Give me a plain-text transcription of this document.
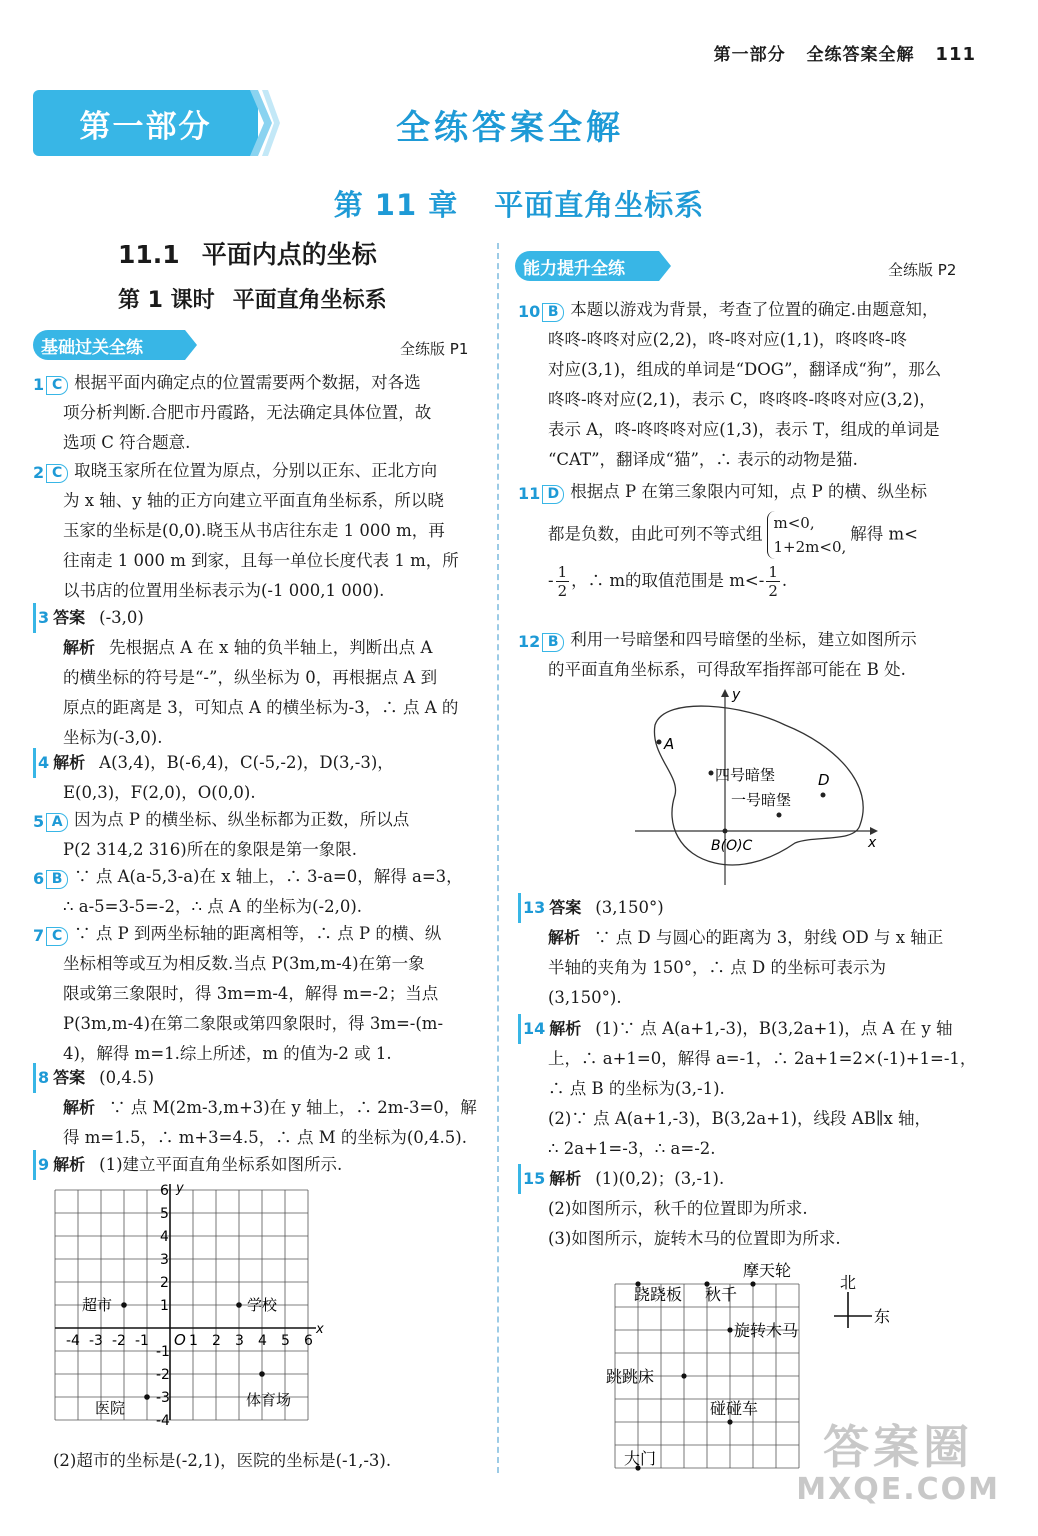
第一部分 全练答案全解 111
第一部分	全练答案全解
第 11 章 平面直角坐标系
11.1 平面内点的坐标
第 1 课时 平面直角坐标系
基础过关全练	全练版 P1
1 C 根据平面内确定点的位置需要两个数据，对各选
项分析判断.合肥市丹霞路，无法确定具体位置，故
选项 C 符合题意.
2 C 取晓玉家所在位置为原点，分别以正东、正北方向
为 x 轴、y 轴的正方向建立平面直角坐标系，所以晓
玉家的坐标是(0,0).晓玉从书店往东走 1 000 m，再
往南走 1 000 m 到家，且每一单位长度代表 1 m，所
以书店的位置用坐标表示为(-1 000,1 000).
3 答案 (-3,0)
解析 先根据点 A 在 x 轴的负半轴上，判断出点 A
的横坐标的符号是“-”，纵坐标为 0，再根据点 A 到
原点的距离是 3，可知点 A 的横坐标为-3，∴ 点 A 的
坐标为(-3,0).
4 解析 A(3,4)，B(-6,4)，C(-5,-2)，D(3,-3)，
E(0,3)，F(2,0)，O(0,0).
5 A 因为点 P 的横坐标、纵坐标都为正数，所以点
P(2 314,2 316)所在的象限是第一象限.
6 B ∵ 点 A(a-5,3-a)在 x 轴上，∴ 3-a=0，解得 a=3，
∴ a-5=3-5=-2，∴ 点 A 的坐标为(-2,0).
7 C ∵ 点 P 到两坐标轴的距离相等，∴ 点 P 的横、纵
坐标相等或互为相反数.当点 P(3m,m-4)在第一象
限或第三象限时，得 3m=m-4，解得 m=-2；当点
P(3m,m-4)在第二象限或第四象限时，得 3m=-(m-
4)，解得 m=1.综上所述，m 的值为-2 或 1.
8 答案 (0,4.5)
解析 ∵ 点 M(2m-3,m+3)在 y 轴上，∴ 2m-3=0，解
得 m=1.5，∴ m+3=4.5，∴ 点 M 的坐标为(0,4.5).
9 解析 (1)建立平面直角坐标系如图所示.
x
y
O
-4 -3 -2 -1	1 2 3 4 5 6
6
5
4
3
2
1
-1
-2
-3
-4
超市	学校
体育场
医院
(2)超市的坐标是(-2,1)，医院的坐标是(-1,-3).
能力提升全练	全练版 P2
10 B 本题以游戏为背景，考查了位置的确定.由题意知，
咚咚-咚咚对应(2,2)，咚-咚对应(1,1)，咚咚咚-咚
对应(3,1)，组成的单词是“DOG”，翻译成“狗”，那么
咚咚-咚对应(2,1)，表示 C，咚咚咚-咚咚对应(3,2)，
表示 A，咚-咚咚咚对应(1,3)，表示 T，组成的单词是
“CAT”，翻译成“猫”，∴ 表示的动物是猫.
11 D 根据点 P 在第三象限内可知，点 P 的横、纵坐标
都是负数，由此可列不等式组
m<0,
1+2m<0,
解得 m<
- $\frac{1}{2}$ ，∴ m的取值范围是 $m<- \frac{1}{2}$ .
12 B 利用一号暗堡和四号暗堡的坐标，建立如图所示
的平面直角坐标系，可得敌军指挥部可能在 B 处.
x
y
A
四号暗堡	D
一号暗堡
B(O)C
13 答案 (3,150°)
解析 ∵ 点 D 与圆心的距离为 3，射线 OD 与 x 轴正
半轴的夹角为 150°，∴ 点 D 的坐标可表示为
(3,150°).
14 解析 (1)∵ 点 A(a+1,-3)，B(3,2a+1)，点 A 在 y 轴
上，∴ a+1=0，解得 a=-1，∴ 2a+1=2×(-1)+1=-1，
∴ 点 B 的坐标为(3,-1).
(2)∵ 点 A(a+1,-3)，B(3,2a+1)，线段 AB∥x 轴，
∴ 2a+1=-3，∴ a=-2.
15 解析 (1)(0,2)；(3,-1).
(2)如图所示，秋千的位置即为所求.
(3)如图所示，旋转木马的位置即为所求.
摩天轮
跷跷板 秋千
旋转木马
跳跳床
碰碰车
大门
北
东
答案圈
MXQE.COM
